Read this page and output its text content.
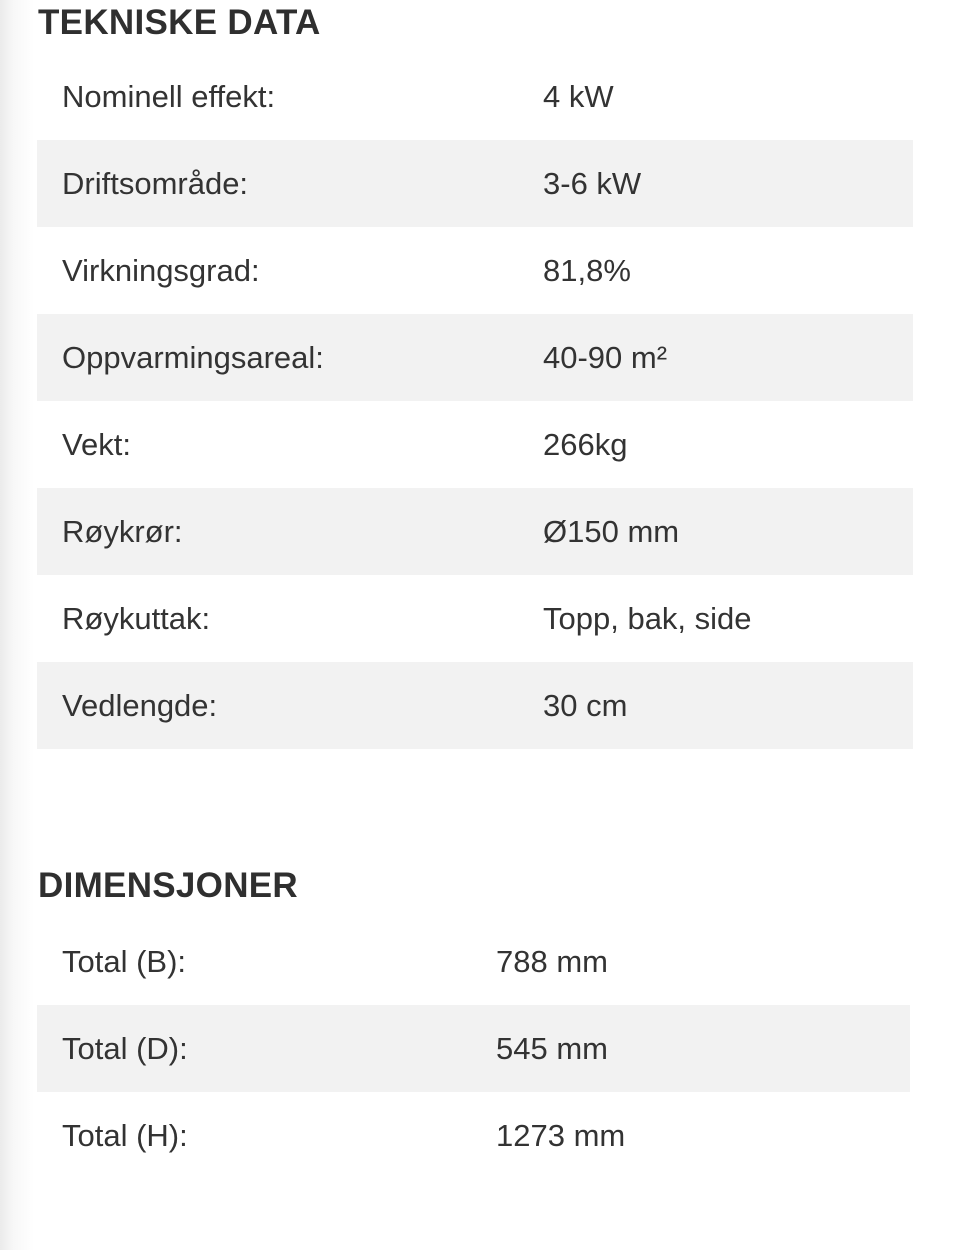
TEKNISKE DATA
Nominell effekt:	4 kW
Driftsområde:	3-6 kW
Virkningsgrad:	81,8%
Oppvarmingsareal:	40-90 m²
Vekt:	266kg
Røykrør:	Ø150 mm
Røykuttak:	Topp, bak, side
Vedlengde:	30 cm
DIMENSJONER
Total (B):	788 mm
Total (D):	545 mm
Total (H):	1273 mm
